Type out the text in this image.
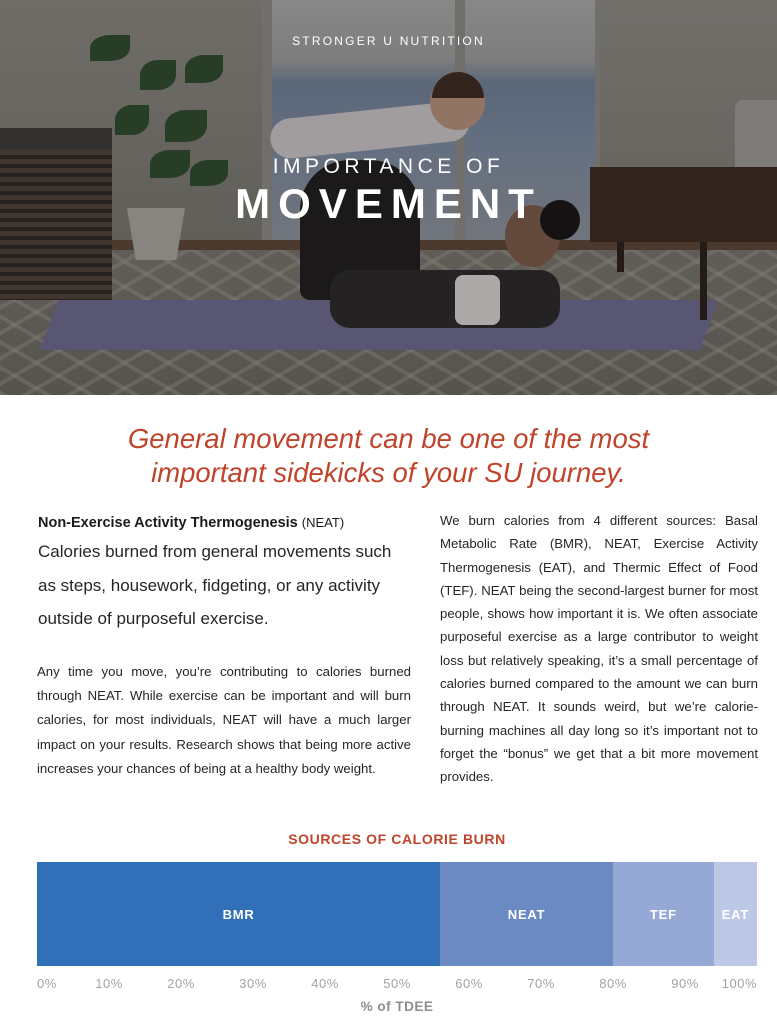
STRONGER U NUTRITION
IMPORTANCE OF
MOVEMENT
General movement can be one of the most
important sidekicks of your SU journey.
Non-Exercise Activity Thermogenesis (NEAT)
Calories burned from general movements such as steps, housework, fidgeting, or any activity outside of purposeful exercise.
Any time you move, you’re contributing to calories burned through NEAT. While exercise can be important and will burn calories, for most individuals, NEAT will have a much larger impact on your results. Research shows that being more active increases your chances of being at a healthy body weight.
We burn calories from 4 different sources: Basal Metabolic Rate (BMR), NEAT, Exercise Activity Thermogenesis (EAT), and Thermic Effect of Food (TEF). NEAT being the second-largest burner for most people, shows how important it is. We often associate purposeful exercise as a large contributor to weight loss but relatively speaking, it’s a small percentage of calories burned compared to the amount we can burn through NEAT. It sounds weird, but we’re calorie-burning machines all day long so it’s important not to forget the “bonus” we get that a bit more movement provides.
SOURCES OF CALORIE BURN
BMR	NEAT	TEF	EAT
0%	10%	20%	30%	40%	50%	60%	70%	80%	90% 100%
% of TDEE
